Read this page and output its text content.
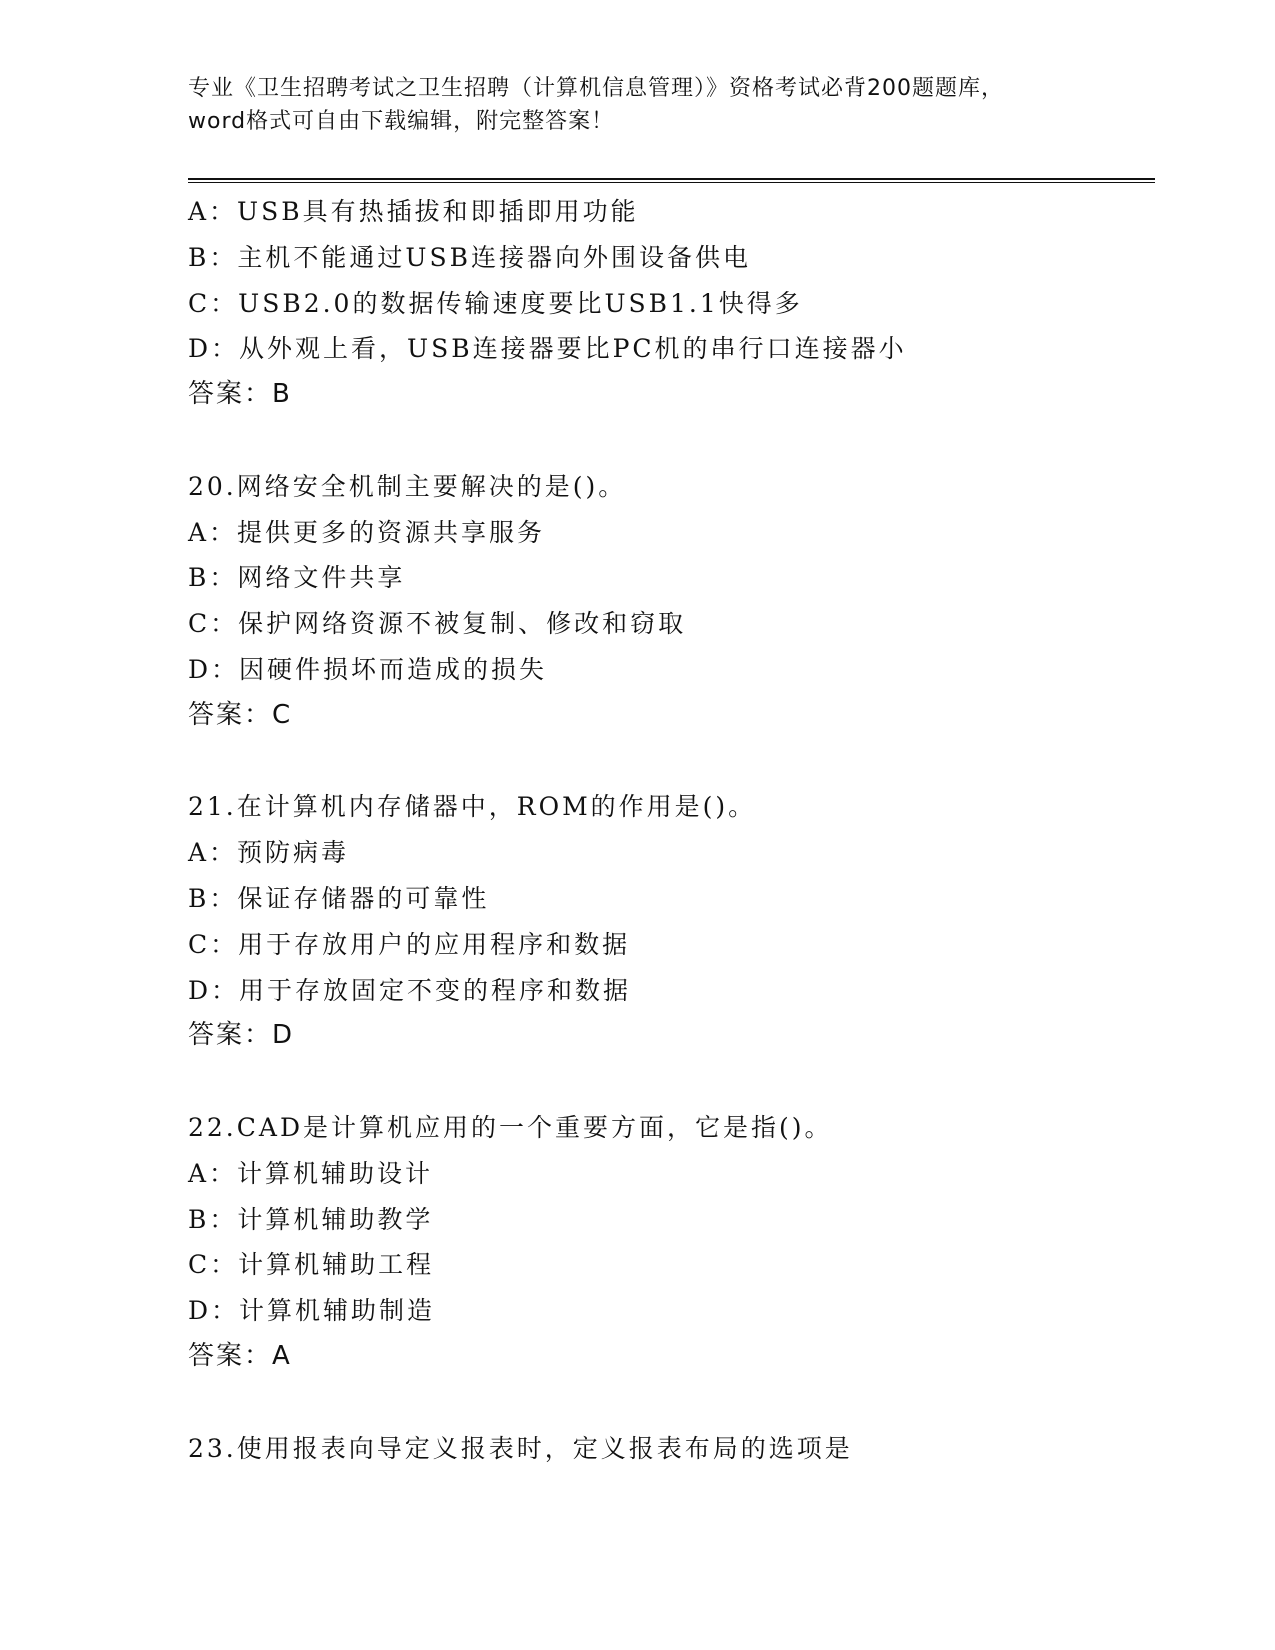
专业《卫生招聘考试之卫生招聘（计算机信息管理）》资格考试必背200题题库，
word格式可自由下载编辑，附完整答案！
A：USB具有热插拔和即插即用功能
B：主机不能通过USB连接器向外围设备供电
C：USB2.0的数据传输速度要比USB1.1快得多
D：从外观上看，USB连接器要比PC机的串行口连接器小
答案：B
20.网络安全机制主要解决的是()。
A：提供更多的资源共享服务
B：网络文件共享
C：保护网络资源不被复制、修改和窃取
D：因硬件损坏而造成的损失
答案：C
21.在计算机内存储器中，ROM的作用是()。
A：预防病毒
B：保证存储器的可靠性
C：用于存放用户的应用程序和数据
D：用于存放固定不变的程序和数据
答案：D
22.CAD是计算机应用的一个重要方面，它是指()。
A：计算机辅助设计
B：计算机辅助教学
C：计算机辅助工程
D：计算机辅助制造
答案：A
23.使用报表向导定义报表时，定义报表布局的选项是
